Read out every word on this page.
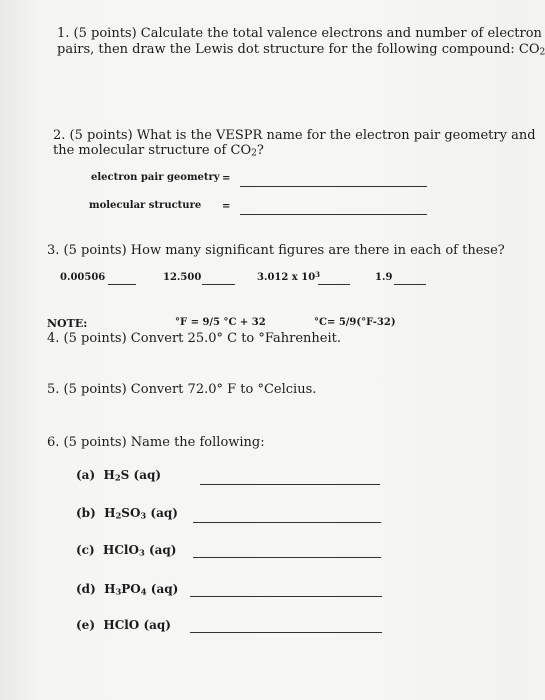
1. (5 points) Calculate the total valence electrons and number of electron
pairs, then draw the Lewis dot structure for the following compound: $CO_2$
2. (5 points) What is the VESPR name for the electron pair geometry and
the molecular structure of $CO_2$?
electron pair geometry =
molecular structure =
3. (5 points) How many significant figures are there in each of these?
0.00506	12.500	3.012 x $10^3$	1.9
NOTE:	°F = 9/5 °C + 32	°C= 5/9(°F-32)
4. (5 points) Convert 25.0° C to °Fahrenheit.
5. (5 points) Convert 72.0° F to °Celcius.
6. (5 points) Name the following:
(a) $H_2S$ (aq)
(b) $H_2SO_3$ (aq)
(c) HClO$_3$ (aq)
(d) $H_3PO_4$ (aq)
(e) HClO (aq)
